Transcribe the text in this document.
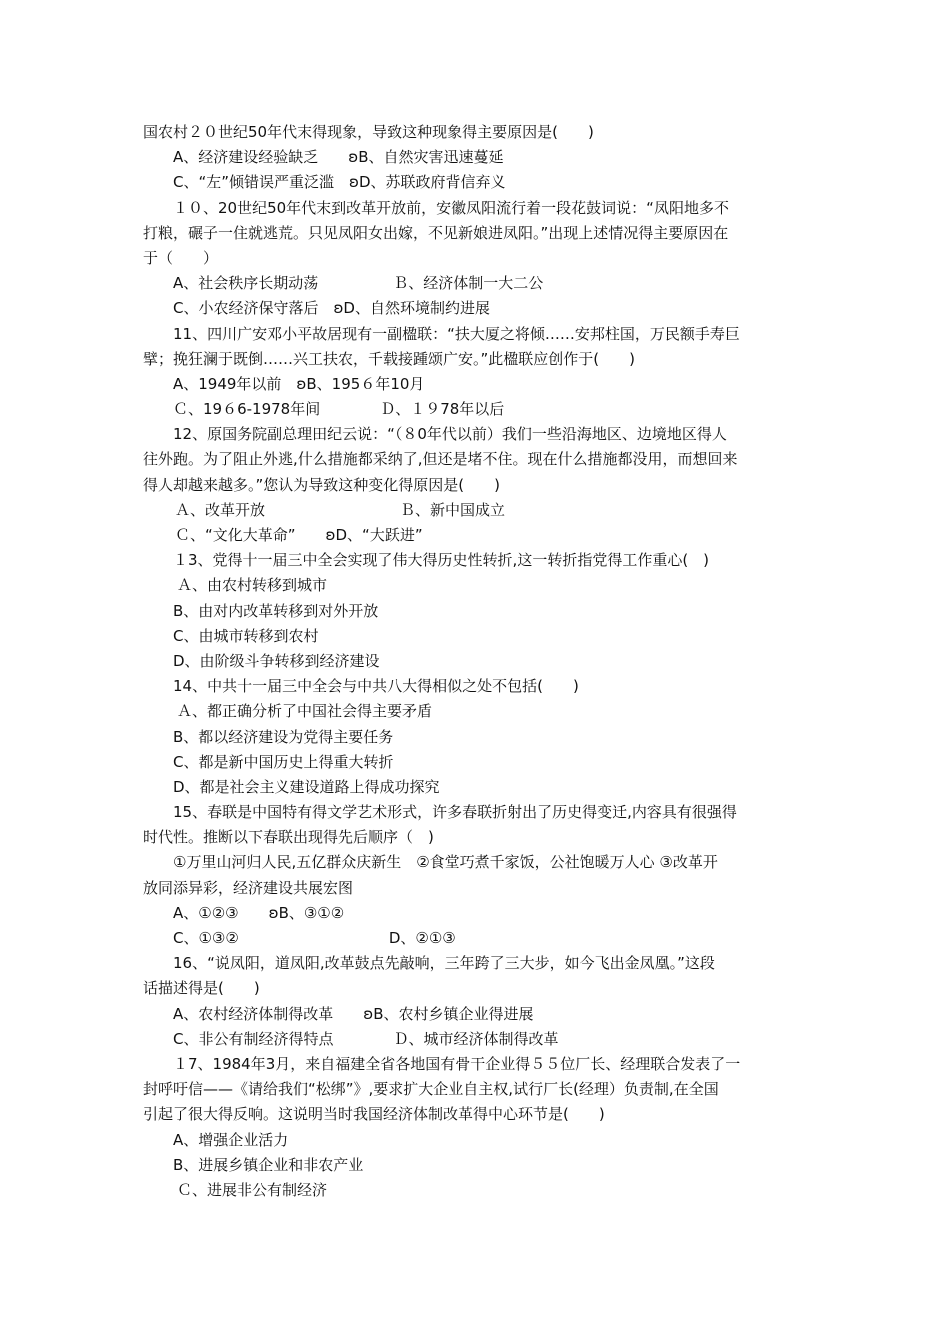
国农村２０世纪50年代末得现象，导致这种现象得主要原因是(　　)
A、经济建设经验缺乏　　ʚB、自然灾害迅速蔓延
C、“左”倾错误严重泛滥　ʚD、苏联政府背信弃义
１０、20世纪50年代末到改革开放前，安徽凤阳流行着一段花鼓词说：“凤阳地多不
打粮，碾子一住就逃荒。只见凤阳女出嫁，不见新娘进凤阳。”出现上述情况得主要原因在
于（　　）
A、社会秩序长期动荡　　　　　Ｂ、经济体制一大二公
C、小农经济保守落后　ʚD、自然环境制约进展
11、四川广安邓小平故居现有一副楹联：“扶大厦之将倾……安邦柱国，万民额手寿巨
擘；挽狂澜于既倒……兴工扶农，千载接踵颂广安。”此楹联应创作于(　　)
A、1949年以前　ʚB、195６年10月
Ｃ、19６6-1978年间　　　　Ｄ、１９78年以后
12、原国务院副总理田纪云说：“（８0年代以前）我们一些沿海地区、边境地区得人
往外跑。为了阻止外逃,什么措施都采纳了,但还是堵不住。现在什么措施都没用，而想回来
得人却越来越多。”您认为导致这种变化得原因是(　　)
Ａ、改革开放　　　　　　　　　Ｂ、新中国成立
Ｃ、“文化大革命”　　ʚD、“大跃进”
１3、党得十一届三中全会实现了伟大得历史性转折,这一转折指党得工作重心(　)
Ａ、由农村转移到城市
B、由对内改革转移到对外开放
C、由城市转移到农村
D、由阶级斗争转移到经济建设
14、中共十一届三中全会与中共八大得相似之处不包括(　　)
Ａ、都正确分析了中国社会得主要矛盾
B、都以经济建设为党得主要任务
C、都是新中国历史上得重大转折
D、都是社会主义建设道路上得成功探究
15、春联是中国特有得文学艺术形式，许多春联折射出了历史得变迁,内容具有很强得
时代性。推断以下春联出现得先后顺序（　)
①万里山河归人民,五亿群众庆新生　②食堂巧煮千家饭，公社饱暖万人心 ③改革开
放同添异彩，经济建设共展宏图
A、①②③　　ʚB、③①②
C、①③②　　　　　　　　　　D、②①③
16、“说凤阳，道凤阳,改革鼓点先敲响，三年跨了三大步，如今飞出金凤凰。”这段
话描述得是(　　)
A、农村经济体制得改革　　ʚB、农村乡镇企业得进展
C、非公有制经济得特点　　　　Ｄ、城市经济体制得改革
１7、1984年3月，来自福建全省各地国有骨干企业得５５位厂长、经理联合发表了一
封呼吁信——《请给我们“松绑”》,要求扩大企业自主权,试行厂长(经理）负责制,在全国
引起了很大得反响。这说明当时我国经济体制改革得中心环节是(　　)
A、增强企业活力
B、进展乡镇企业和非农产业
Ｃ、进展非公有制经济
